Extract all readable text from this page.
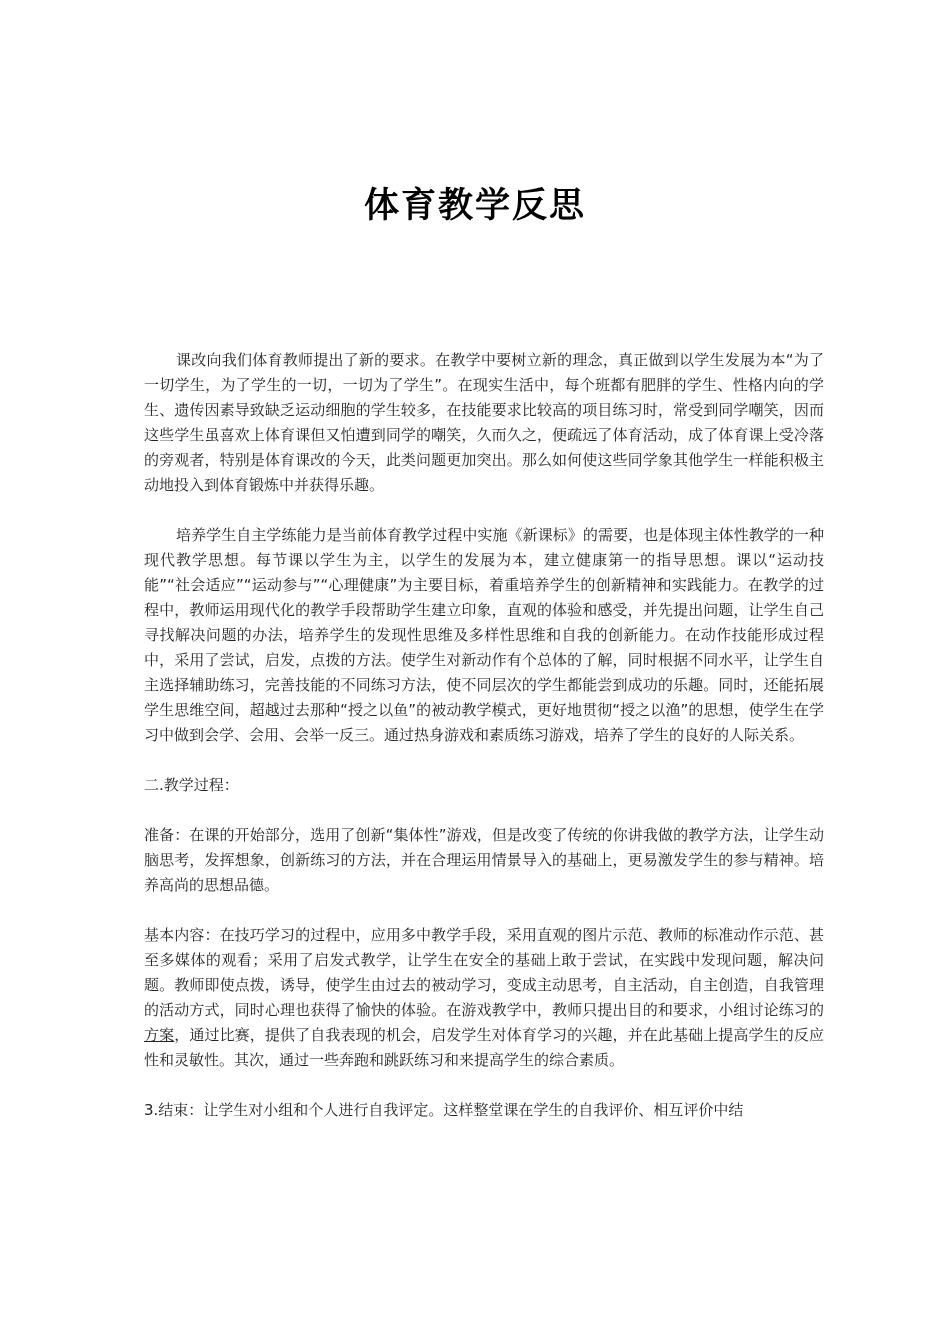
体育教学反思

课改向我们体育教师提出了新的要求。在教学中要树立新的理念，真正做到以学生发展为本“为了一切学生，为了学生的一切，一切为了学生”。在现实生活中，每个班都有肥胖的学生、性格内向的学生、遗传因素导致缺乏运动细胞的学生较多，在技能要求比较高的项目练习时，常受到同学嘲笑，因而这些学生虽喜欢上体育课但又怕遭到同学的嘲笑，久而久之，便疏远了体育活动，成了体育课上受冷落的旁观者，特别是体育课改的今天，此类问题更加突出。那么如何使这些同学象其他学生一样能积极主动地投入到体育锻炼中并获得乐趣。

培养学生自主学练能力是当前体育教学过程中实施《新课标》的需要，也是体现主体性教学的一种现代教学思想。每节课以学生为主，以学生的发展为本，建立健康第一的指导思想。课以“运动技能”“社会适应”“运动参与”“心理健康”为主要目标，着重培养学生的创新精神和实践能力。在教学的过程中，教师运用现代化的教学手段帮助学生建立印象，直观的体验和感受，并先提出问题，让学生自己寻找解决问题的办法，培养学生的发现性思维及多样性思维和自我的创新能力。在动作技能形成过程中，采用了尝试，启发，点拨的方法。使学生对新动作有个总体的了解，同时根据不同水平，让学生自主选择辅助练习，完善技能的不同练习方法，使不同层次的学生都能尝到成功的乐趣。同时，还能拓展学生思维空间，超越过去那种“授之以鱼”的被动教学模式，更好地贯彻“授之以渔”的思想，使学生在学习中做到会学、会用、会举一反三。通过热身游戏和素质练习游戏，培养了学生的良好的人际关系。

二.教学过程：

准备：在课的开始部分，选用了创新“集体性”游戏，但是改变了传统的你讲我做的教学方法，让学生动脑思考，发挥想象，创新练习的方法，并在合理运用情景导入的基础上，更易激发学生的参与精神。培养高尚的思想品德。

基本内容：在技巧学习的过程中，应用多中教学手段，采用直观的图片示范、教师的标准动作示范、甚至多媒体的观看；采用了启发式教学，让学生在安全的基础上敢于尝试，在实践中发现问题，解决问题。教师即使点拨，诱导，使学生由过去的被动学习，变成主动思考，自主活动，自主创造，自我管理的活动方式，同时心理也获得了愉快的体验。在游戏教学中，教师只提出目的和要求，小组讨论练习的方案，通过比赛，提供了自我表现的机会，启发学生对体育学习的兴趣，并在此基础上提高学生的反应性和灵敏性。其次，通过一些奔跑和跳跃练习和来提高学生的综合素质。

3.结束：让学生对小组和个人进行自我评定。这样整堂课在学生的自我评价、相互评价中结
